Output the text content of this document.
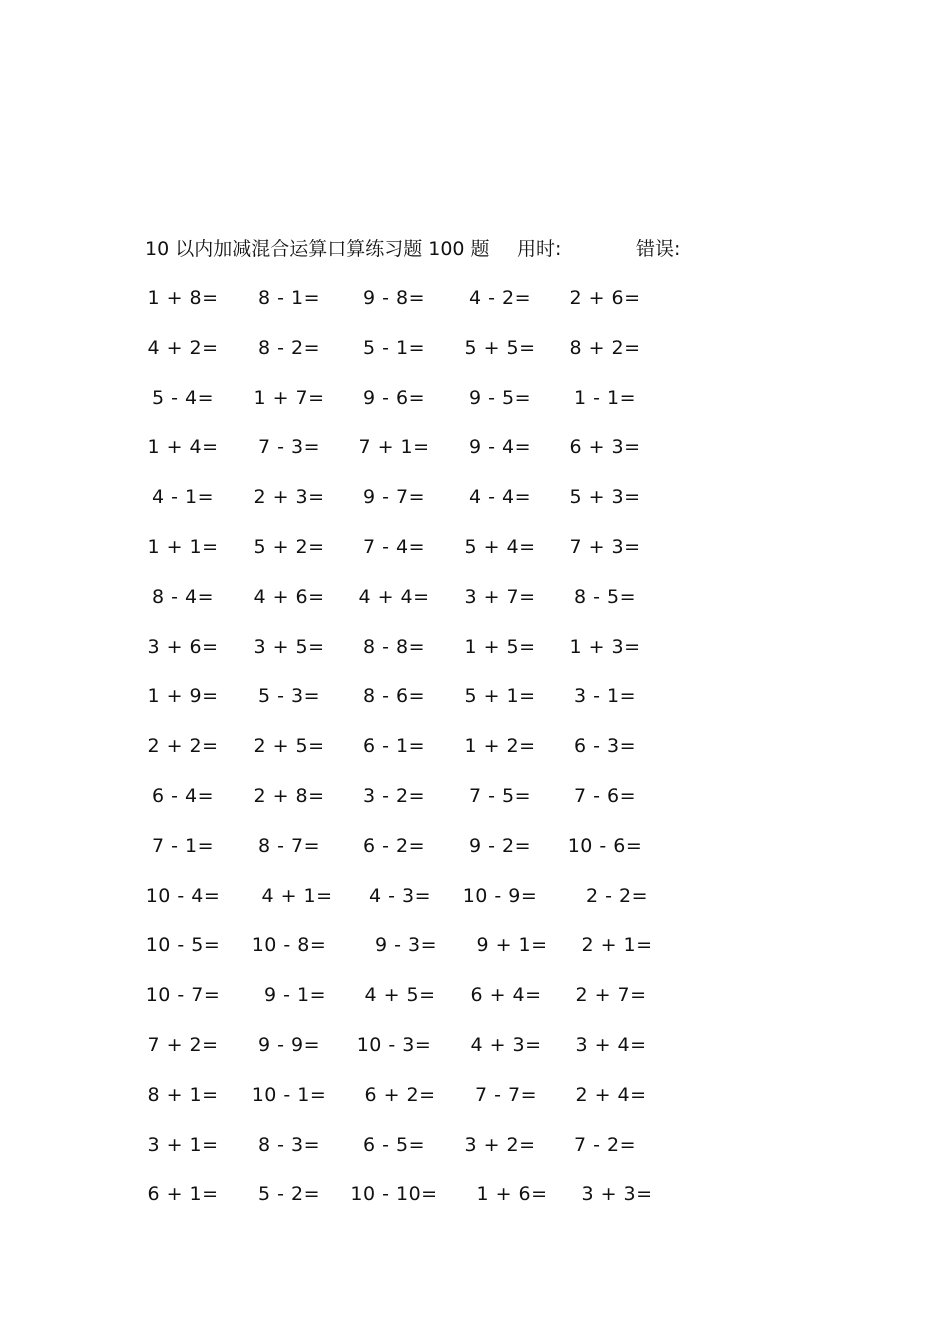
10 以内加减混合运算口算练习题 100 题 用时:	错误:
1 + 8=	8 - 1=	9 - 8=	4 - 2=	2 + 6=
4 + 2=	8 - 2=	5 - 1=	5 + 5=	8 + 2=
5 - 4=	1 + 7=	9 - 6=	9 - 5=	1 - 1=
1 + 4=	7 - 3=	7 + 1=	9 - 4=	6 + 3=
4 - 1=	2 + 3=	9 - 7=	4 - 4=	5 + 3=
1 + 1=	5 + 2=	7 - 4=	5 + 4=	7 + 3=
8 - 4=	4 + 6=	4 + 4=	3 + 7=	8 - 5=
3 + 6=	3 + 5=	8 - 8=	1 + 5=	1 + 3=
1 + 9=	5 - 3=	8 - 6=	5 + 1=	3 - 1=
2 + 2=	2 + 5=	6 - 1=	1 + 2=	6 - 3=
6 - 4=	2 + 8=	3 - 2=	7 - 5=	7 - 6=
7 - 1=	8 - 7=	6 - 2=	9 - 2=	10 - 6=
10 - 4=	4 + 1=	4 - 3=	10 - 9=	2 - 2=
10 - 5=	10 - 8=	9 - 3=	9 + 1=	2 + 1=
10 - 7=	9 - 1=	4 + 5=	6 + 4=	2 + 7=
7 + 2=	9 - 9=	10 - 3=	4 + 3=	3 + 4=
8 + 1=	10 - 1=	6 + 2=	7 - 7=	2 + 4=
3 + 1=	8 - 3=	6 - 5=	3 + 2=	7 - 2=
6 + 1=	5 - 2=	10 - 10=	1 + 6=	3 + 3=
